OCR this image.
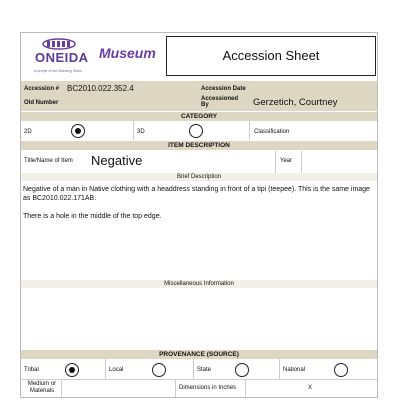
ONEIDA
A people of the Standing Stone
Museum	Accession Sheet
Accession # BC2010.022.352.4	Accession Date
Old Number
Accessioned By	Gerzetich, Courtney
CATEGORY
2D	3D	Classification
ITEM DESCRIPTION
Title/Name of Item Negative	Year
Brief Description
Negative of a man in Native clothing with a headdress standing in front of a tipi (teepee). This is the same image as BC2010.022.171AB.
There is a hole in the middle of the top edge.
Miscellaneous Information
PROVENANCE (SOURCE)
Tribal	Local	State	National
Medium or Materials	Dimensions in Inches	X
